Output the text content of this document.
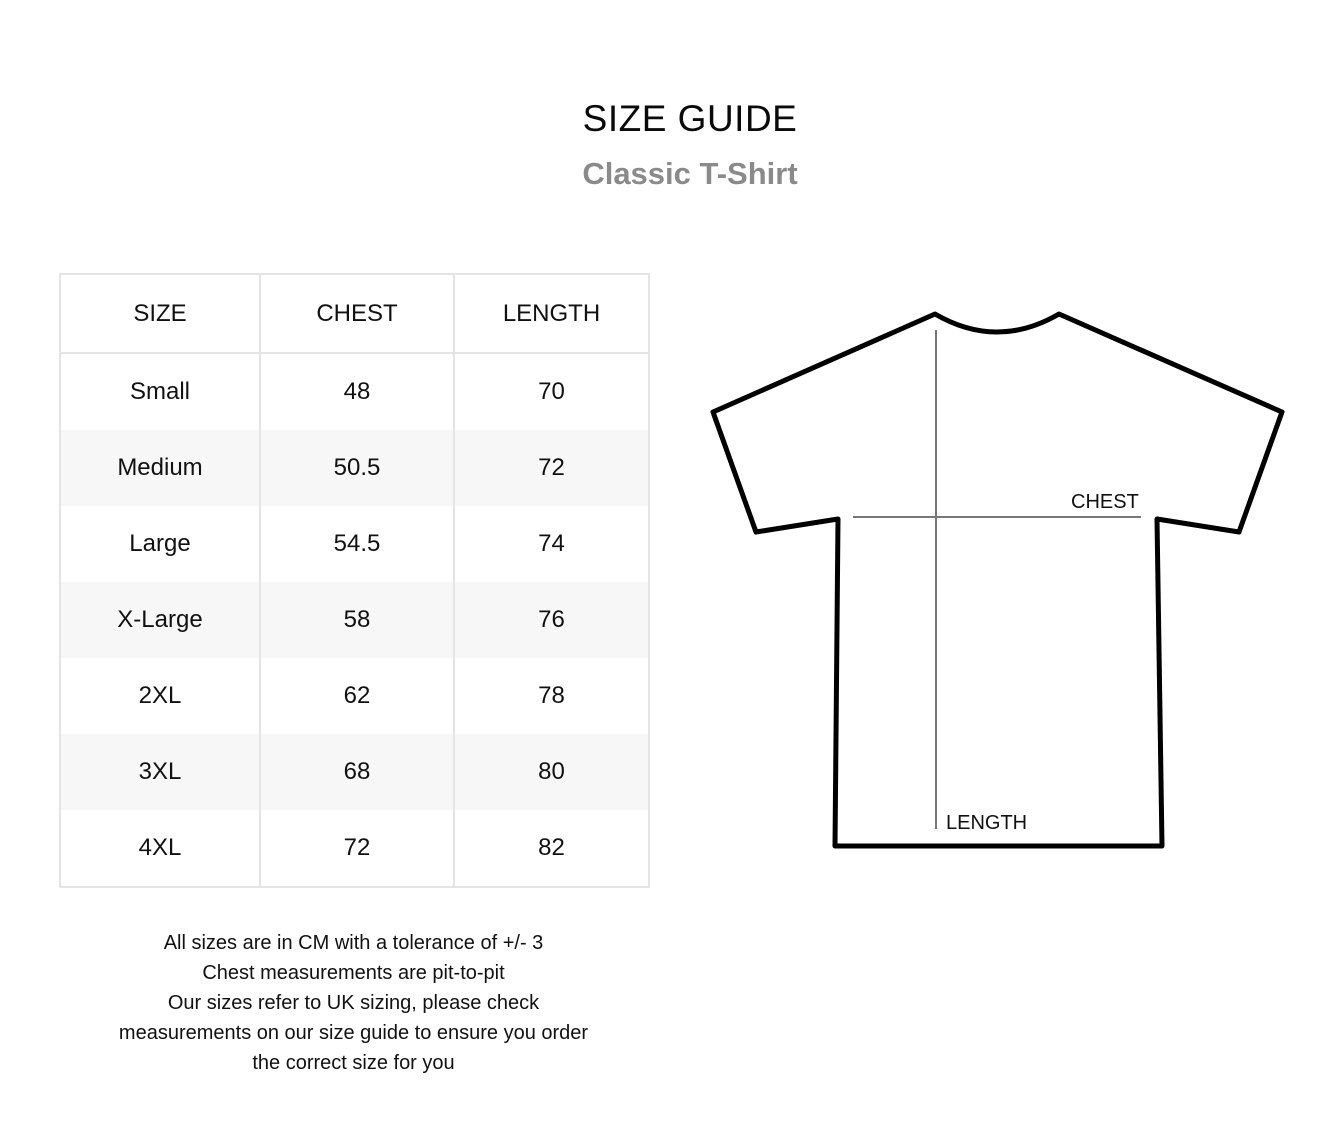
SIZE GUIDE
Classic T-Shirt
SIZE	CHEST	LENGTH
Small	48	70
Medium	50.5	72
Large	54.5	74
X-Large	58	76
2XL	62	78
3XL	68	80
4XL	72	82
All sizes are in CM with a tolerance of +/- 3
Chest measurements are pit-to-pit
Our sizes refer to UK sizing, please check
measurements on our size guide to ensure you order
the correct size for you
CHEST
LENGTH
